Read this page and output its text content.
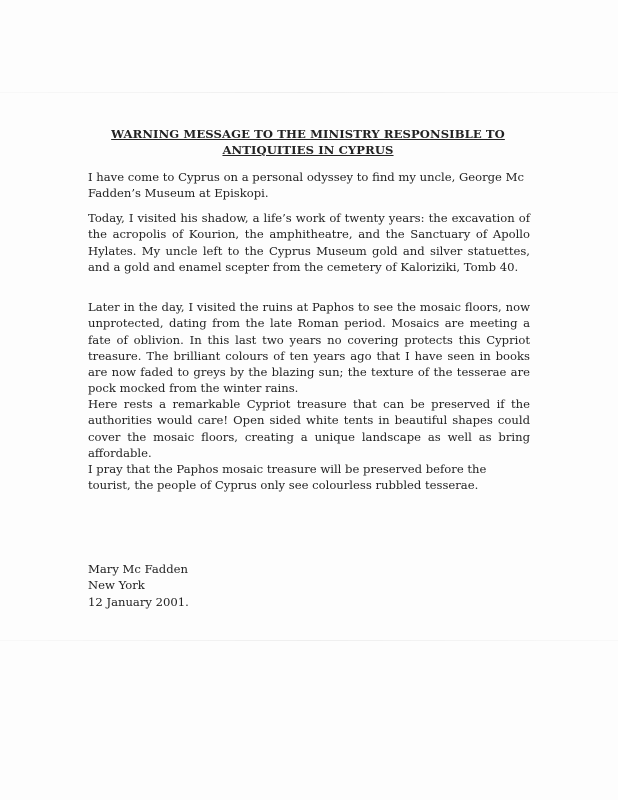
WARNING MESSAGE TO THE MINISTRY RESPONSIBLE TO ANTIQUITIES IN CYPRUS

I have come to Cyprus on a personal odyssey to find my uncle, George Mc Fadden’s Museum at Episkopi.

Today, I visited his shadow, a life’s work of twenty years: the excavation of the acropolis of Kourion, the amphitheatre, and the Sanctuary of Apollo Hylates. My uncle left to the Cyprus Museum gold and silver statuettes, and a gold and enamel scepter from the cemetery of Kaloriziki, Tomb 40.

Later in the day, I visited the ruins at Paphos to see the mosaic floors, now unprotected, dating from the late Roman period. Mosaics are meeting a fate of oblivion. In this last two years no covering protects this Cypriot treasure. The brilliant colours of ten years ago that I have seen in books are now faded to greys by the blazing sun; the texture of the tesserae are pock mocked from the winter rains.

Here rests a remarkable Cypriot treasure that can be preserved if the authorities would care! Open sided white tents in beautiful shapes could cover the mosaic floors, creating a unique landscape as well as bring affordable.

I pray that the Paphos mosaic treasure will be preserved before the tourist, the people of Cyprus only see colourless rubbled tesserae.

Mary Mc Fadden
New York
12 January 2001.
